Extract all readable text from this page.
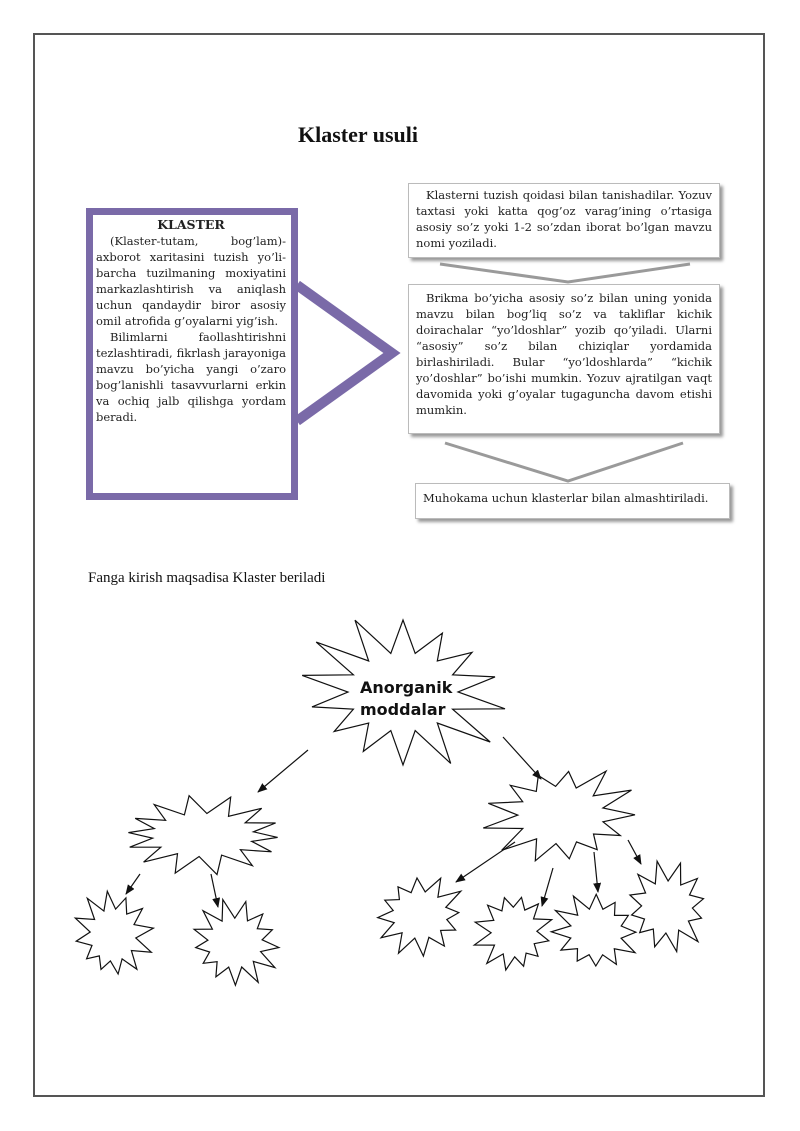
Klaster usuli
KLASTER

(Klaster-tutam, bog’lam)-axborot xaritasini tuzish yo’li-barcha tuzilmaning moxiyatini markazlashtirish va aniqlash uchun qandaydir biror asosiy omil atrofida g’oyalarni yig’ish.

Bilimlarni faollashtirishni tezlashtiradi, fikrlash jarayoniga mavzu bo’yicha yangi o’zaro bog’lanishli tasavvurlarni erkin va ochiq jalb qilishga yordam beradi.

Klasterni tuzish qoidasi bilan tanishadilar. Yozuv taxtasi yoki katta qog’oz varag’ining o’rtasiga asosiy so’z yoki 1-2 so’zdan iborat bo’lgan mavzu nomi yoziladi.

Brikma bo’yicha asosiy so’z bilan uning yonida mavzu bilan bog’liq so’z va takliflar kichik doirachalar “yo’ldoshlar” yozib qo’yiladi. Ularni “asosiy” so’z bilan chiziqlar yordamida birlashiriladi. Bular “yo’ldoshlarda” “kichik yo’doshlar” bo’ishi mumkin. Yozuv ajratilgan vaqt davomida yoki g’oyalar tugaguncha davom etishi mumkin.

Muhokama uchun klasterlar bilan almashtiriladi.
Fanga kirish maqsadisa Klaster beriladi
Anorganik moddalar
